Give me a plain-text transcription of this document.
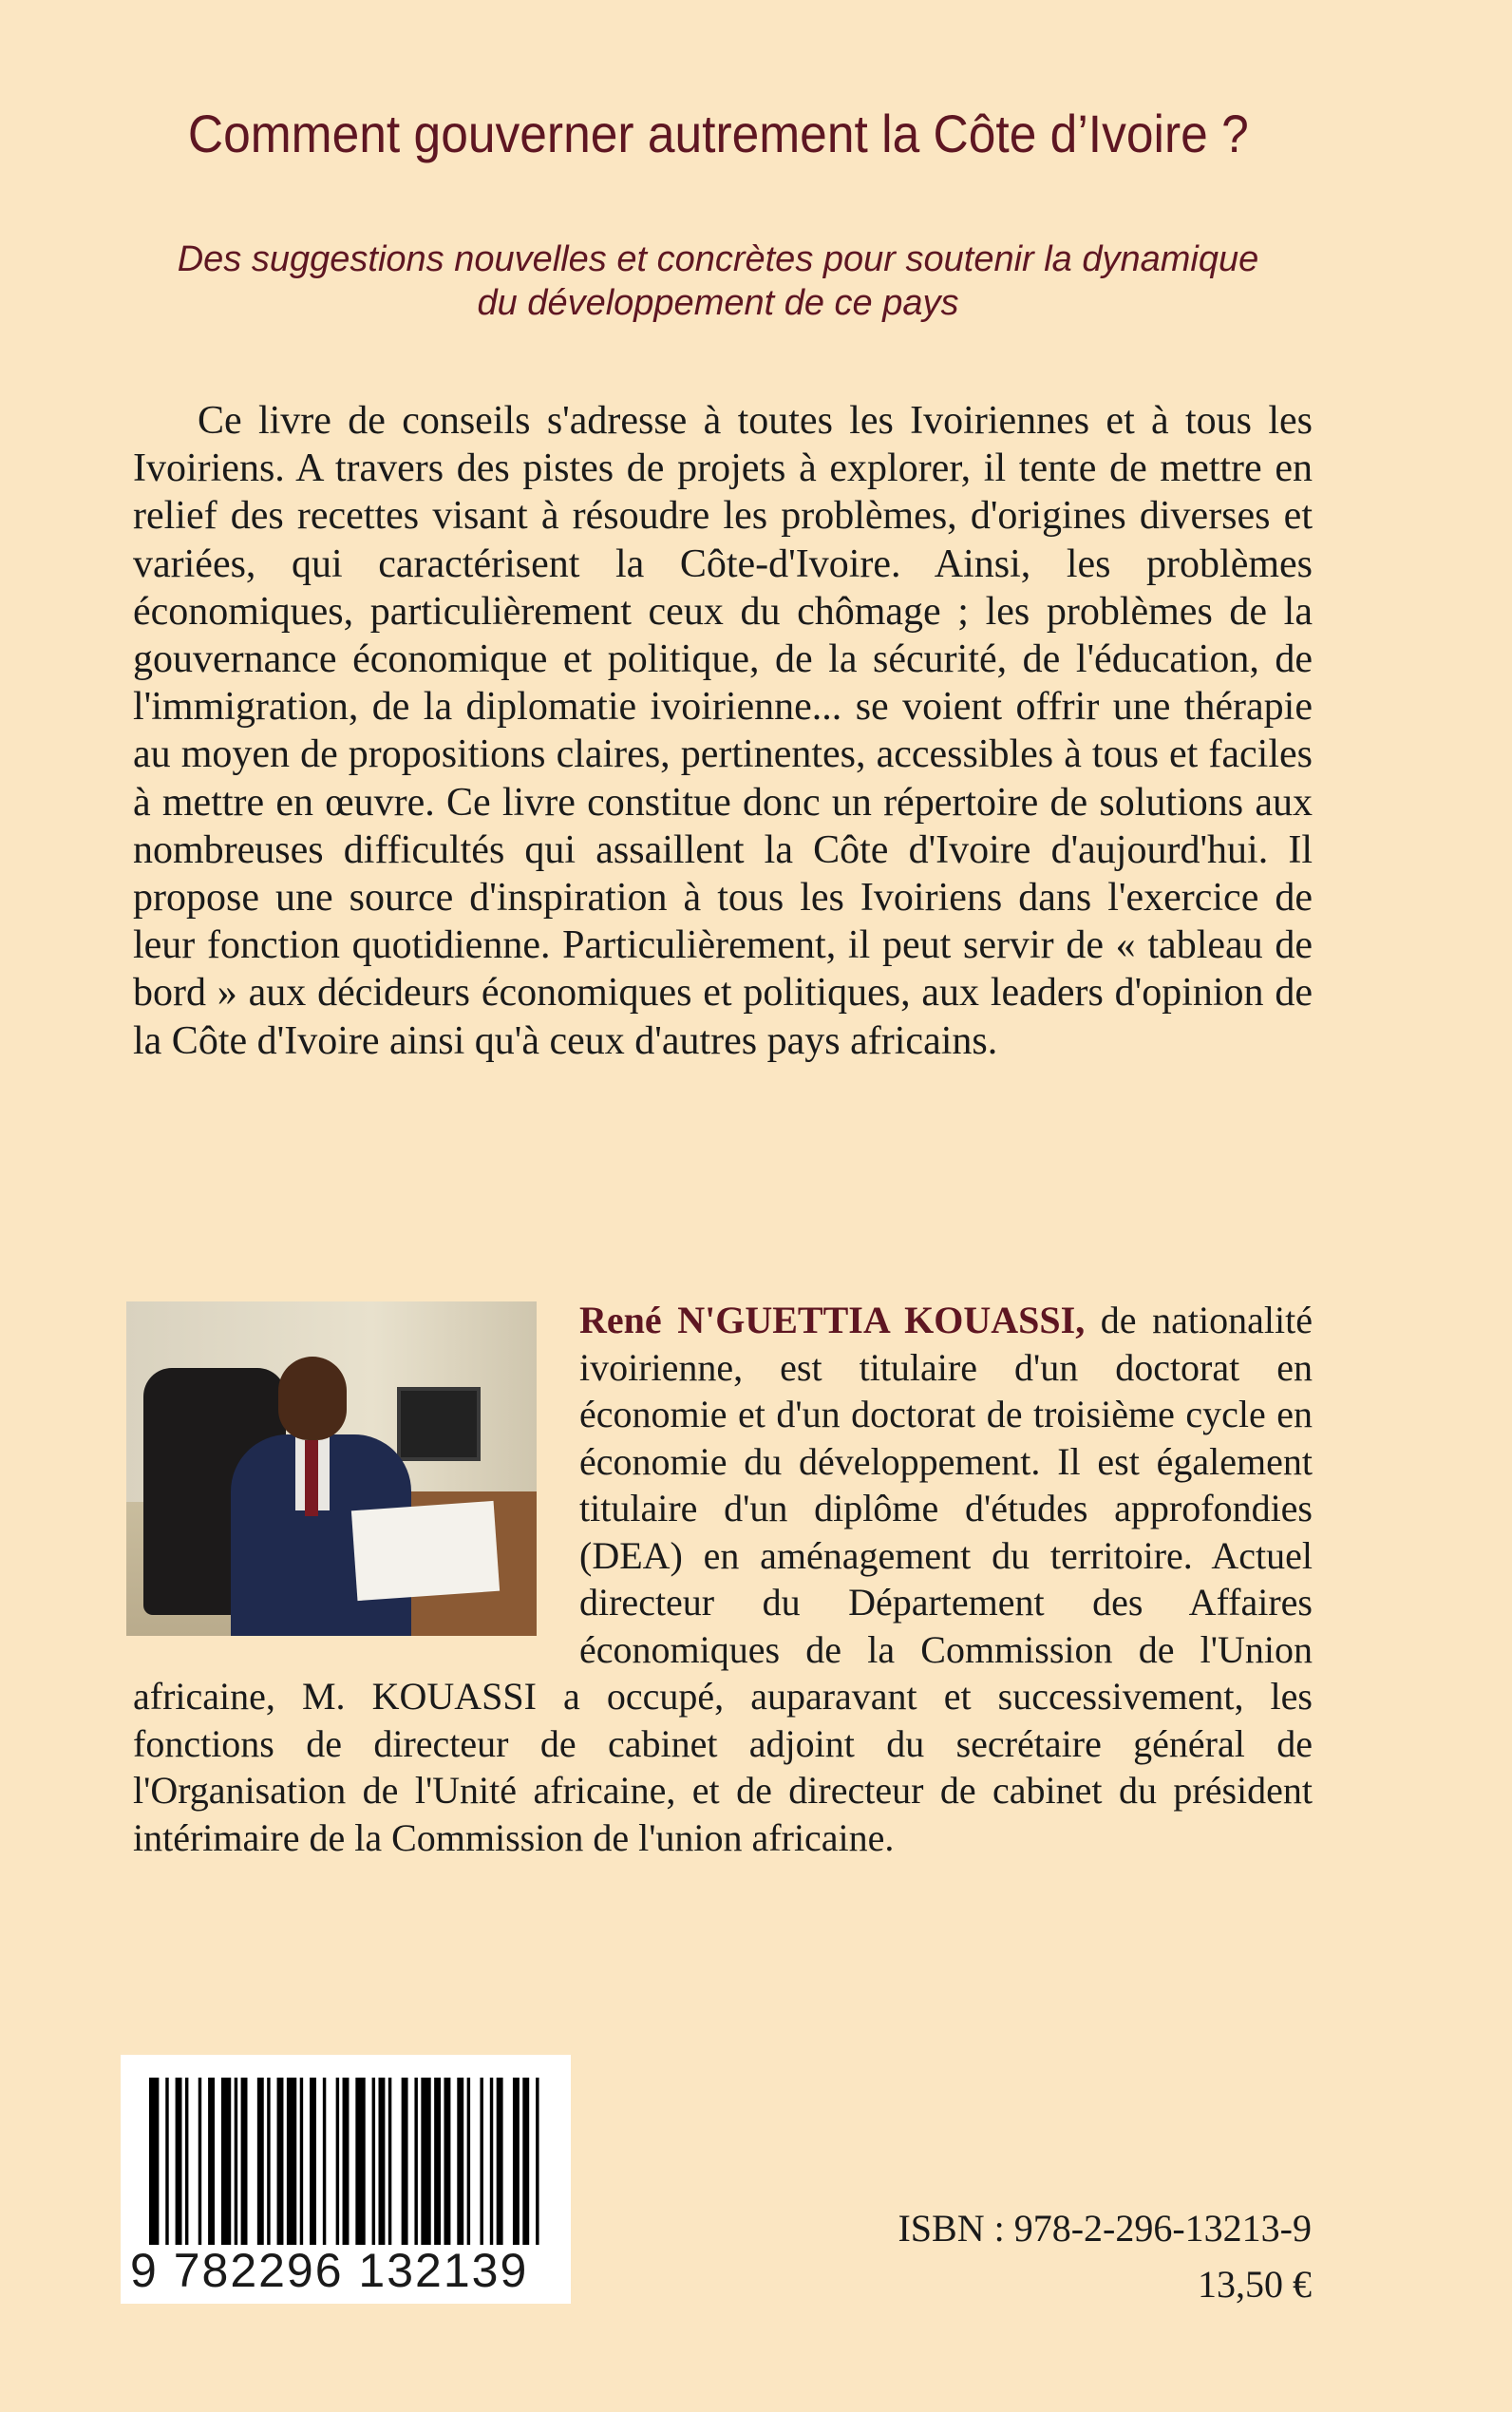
Comment gouverner autrement la Côte d’Ivoire ?
Des suggestions nouvelles et concrètes pour soutenir la dynamique
du développement de ce pays

Ce livre de conseils s'adresse à toutes les Ivoiriennes et à tous les Ivoiriens. A travers des pistes de projets à explorer, il tente de mettre en relief des recettes visant à résoudre les problèmes, d'origines diverses et variées, qui caractérisent la Côte-d'Ivoire. Ainsi, les problèmes économiques, particulièrement ceux du chômage ; les problèmes de la gouvernance économique et politique, de la sécurité, de l'éducation, de l'immigration, de la diplomatie ivoirienne... se voient offrir une thérapie au moyen de propositions claires, pertinentes, accessibles à tous et faciles à mettre en œuvre. Ce livre constitue donc un répertoire de solutions aux nombreuses difficultés qui assaillent la Côte d'Ivoire d'aujourd'hui. Il propose une source d'inspiration à tous les Ivoiriens dans l'exercice de leur fonction quotidienne. Particulièrement, il peut servir de « tableau de bord » aux décideurs économiques et politiques, aux leaders d'opinion de la Côte d'Ivoire ainsi qu'à ceux d'autres pays africains.

René N'GUETTIA KOUASSI, de nationalité ivoirienne, est titulaire d'un doctorat en économie et d'un doctorat de troisième cycle en économie du développement. Il est également titulaire d'un diplôme d'études approfondies (DEA) en aménagement du territoire. Actuel directeur du Département des Affaires économiques de la Commission de l'Union africaine, M. KOUASSI a occupé, auparavant et successivement, les fonctions de directeur de cabinet adjoint du secrétaire général de l'Organisation de l'Unité africaine, et de directeur de cabinet du président intérimaire de la Commission de l'union africaine.
9 782296 132139
ISBN : 978-2-296-13213-9
13,50 €
